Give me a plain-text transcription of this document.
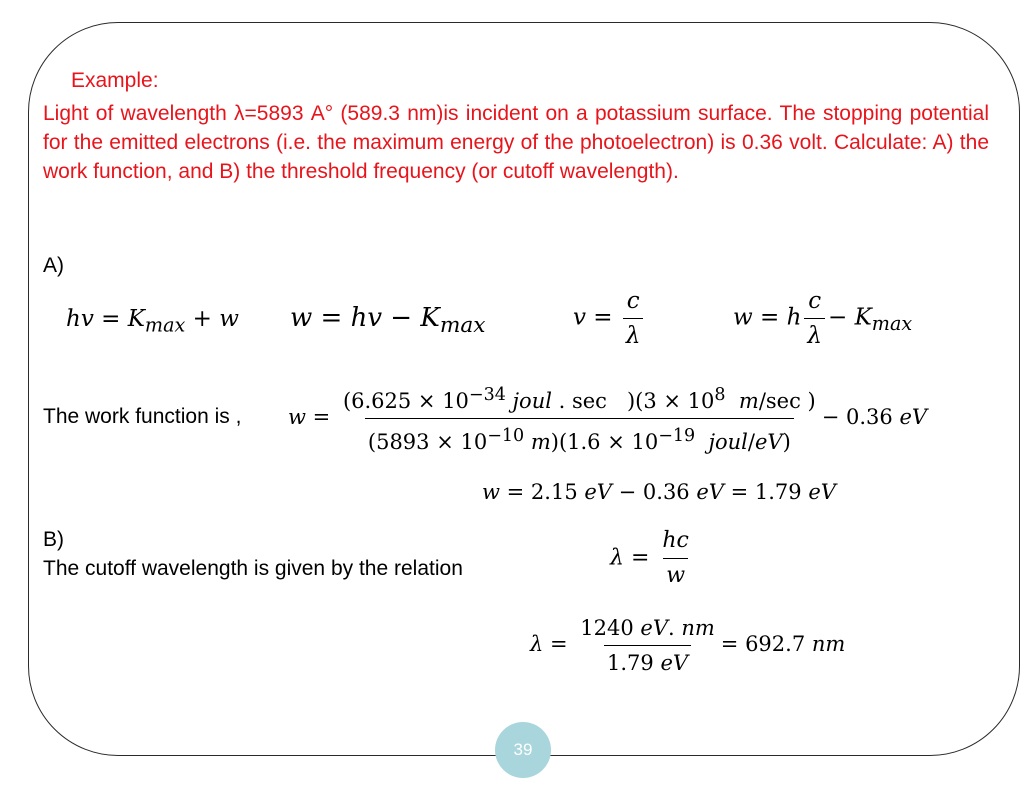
Example:

Light of wavelength λ=5893 A° (589.3 nm)is incident on a potassium surface. The stopping potential for the emitted electrons (i.e. the maximum energy of the photoelectron) is 0.36 volt. Calculate: A) the work function, and B) the threshold frequency (or cutoff wavelength).

A)
hv = $K_{max} + w$ w = hv − $K_{max}$	$v = \frac{c}{\lambda}$	w = h $\frac{c}{\lambda} - K_{max}$
The work function is , $w = \frac{(6.625 \times 10^{-34} joul . \sec )(3 \times 10^8 m/\sec )}{(5893 \times 10^{-10} m)(1.6 \times 10^{-19} joul/eV)} - 0.36$ eV
w = 2.15 eV − 0.36 eV = 1.79 eV
B)
The cutoff wavelength is given by the relation	$\lambda = \frac{hc}{w}$
$\lambda = \frac{1240 eV. nm}{1.79 eV} = 692.7$ nm
39
